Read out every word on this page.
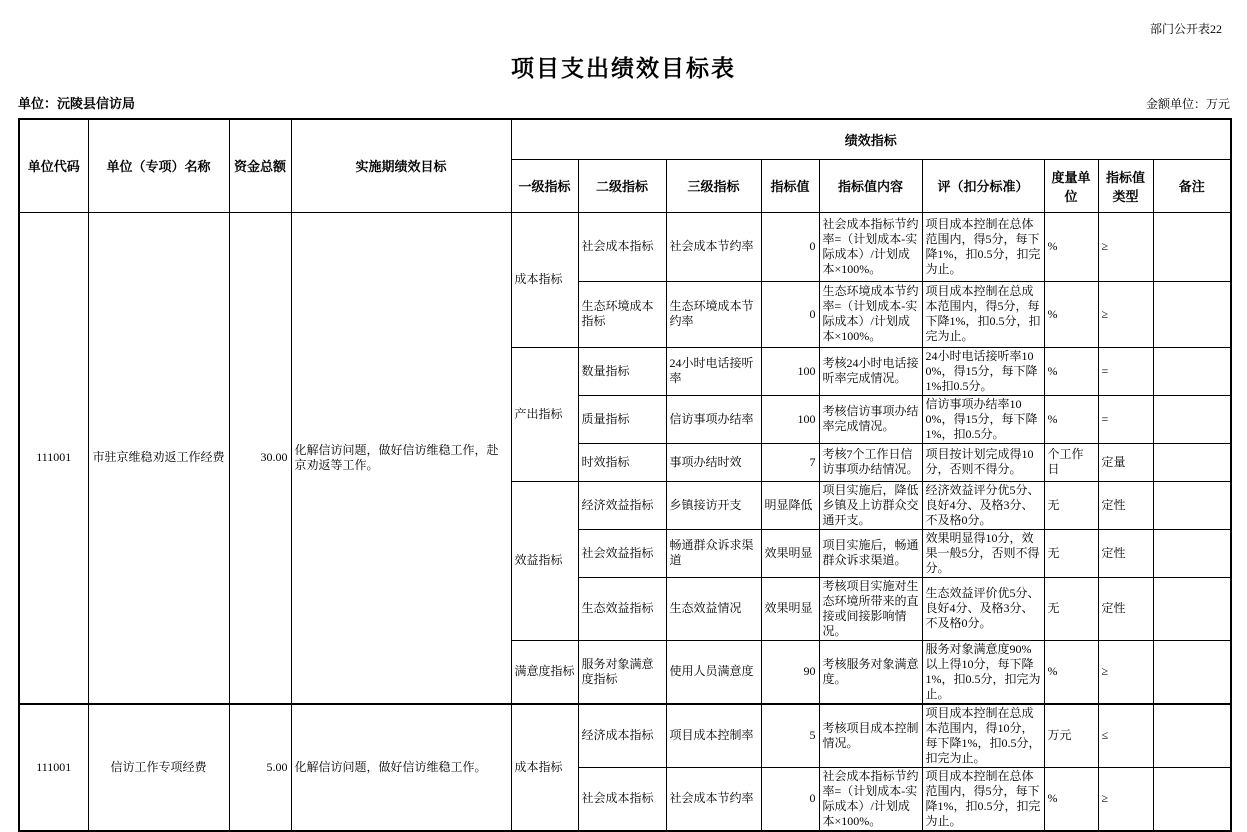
部门公开表22
项目支出绩效目标表
单位：沅陵县信访局	金额单位：万元
单位代码	单位（专项）名称	资金总额	实施期绩效目标	绩效指标								
				一级指标	二级指标	三级指标	指标值	指标值内容	评（扣分标准）	度量单位	指标值类型	备注
111001	市驻京维稳劝返工作经费	30.00	化解信访问题，做好信访维稳工作，赴京劝返等工作。	成本指标	社会成本指标	社会成本节约率	0	社会成本指标节约率=（计划成本-实际成本）/计划成本×100%。	项目成本控制在总体范围内，得5分，每下降1%，扣0.5分，扣完为止。	%	≥	
					生态环境成本指标	生态环境成本节约率	0	生态环境成本节约率=（计划成本-实际成本）/计划成本×100%。	项目成本控制在总成本范围内，得5分，每下降1%，扣0.5分，扣完为止。	%	≥	
				产出指标	数量指标	24小时电话接听率	100	考核24小时电话接听率完成情况。	24小时电话接听率100%，得15分，每下降1%扣0.5分。	%	=	
					质量指标	信访事项办结率	100	考核信访事项办结率完成情况。	信访事项办结率100%，得15分，每下降1%，扣0.5分。	%	=	
					时效指标	事项办结时效	7	考核7个工作日信访事项办结情况。	项目按计划完成得10分，否则不得分。	个工作日	定量	
				效益指标	经济效益指标	乡镇接访开支	明显降低	项目实施后，降低乡镇及上访群众交通开支。	经济效益评分优5分、良好4分、及格3分、不及格0分。	无	定性	
					社会效益指标	畅通群众诉求渠道	效果明显	项目实施后，畅通群众诉求渠道。	效果明显得10分，效果一般5分，否则不得分。	无	定性	
					生态效益指标	生态效益情况	效果明显	考核项目实施对生态环境所带来的直接或间接影响情况。	生态效益评价优5分、良好4分、及格3分、不及格0分。	无	定性	
				满意度指标	服务对象满意度指标	使用人员满意度	90	考核服务对象满意度。	服务对象满意度90%以上得10分，每下降1%，扣0.5分，扣完为止。	%	≥	
111001	信访工作专项经费	5.00	化解信访问题，做好信访维稳工作。	成本指标	经济成本指标	项目成本控制率	5	考核项目成本控制情况。	项目成本控制在总成本范围内，得10分，每下降1%，扣0.5分，扣完为止。	万元	≤	
					社会成本指标	社会成本节约率	0	社会成本指标节约率=（计划成本-实际成本）/计划成本×100%。	项目成本控制在总体范围内，得5分，每下降1%，扣0.5分，扣完为止。	%	≥	
